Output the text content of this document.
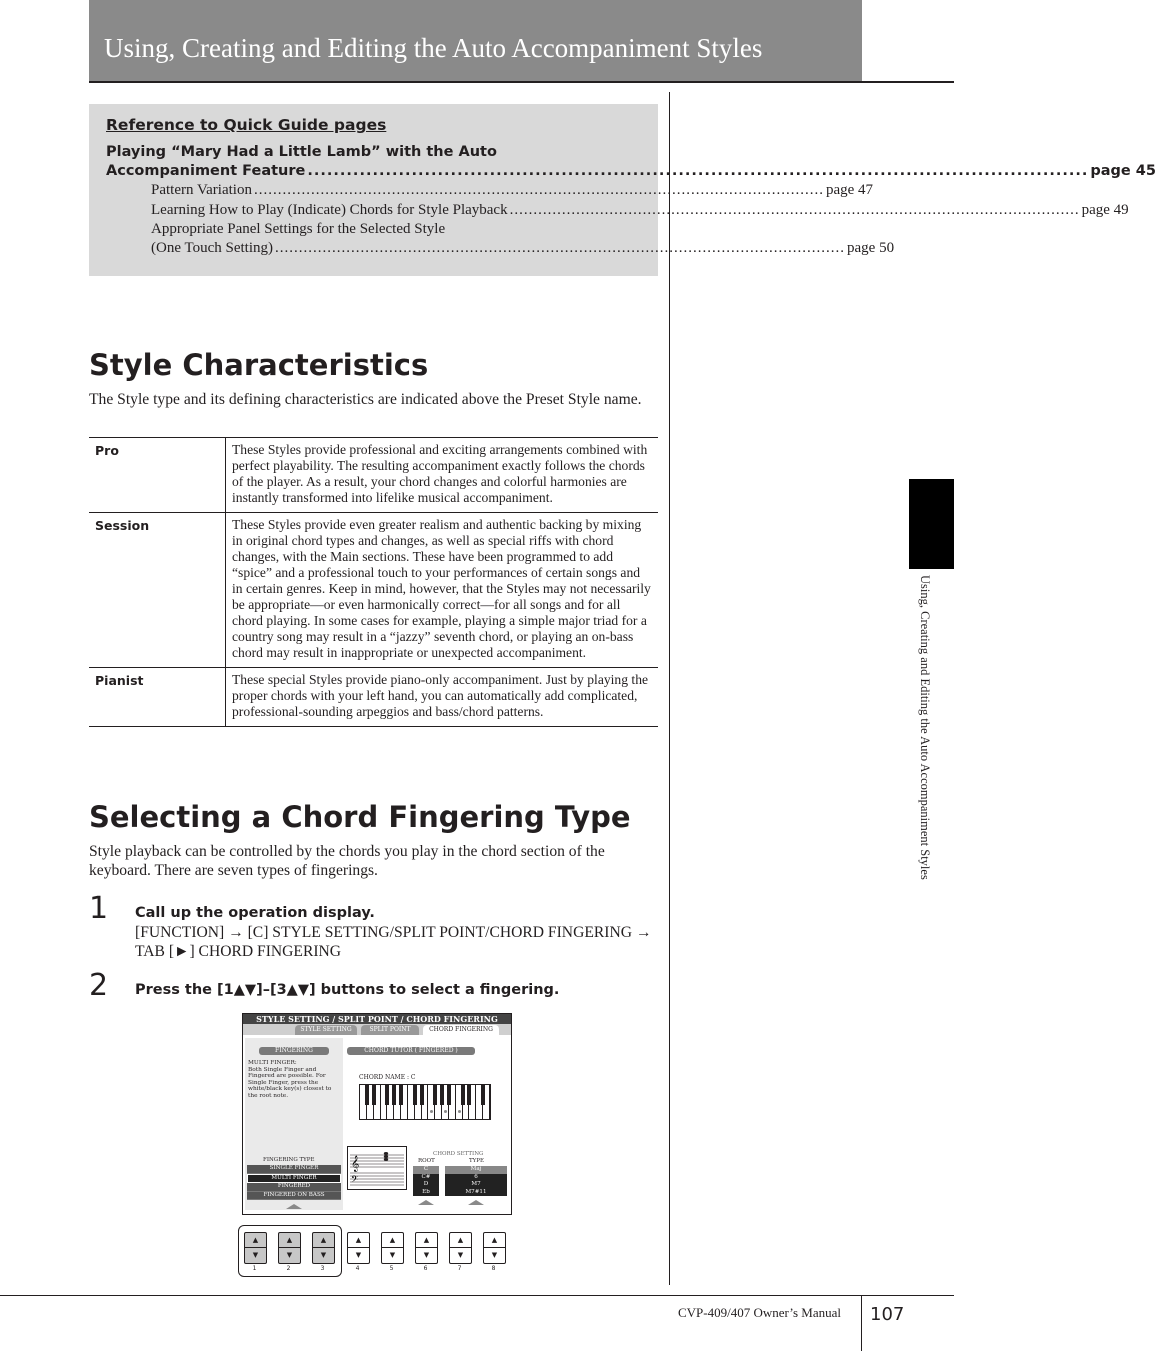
Using, Creating and Editing the Auto Accompaniment Styles
Using, Creating and Editing the Auto Accompaniment Styles
Reference to Quick Guide pages
Playing “Mary Had a Little Lamb” with the Auto
Accompaniment Feature ........................................................................................................................ page 45
Pattern Variation ........................................................................................................................ page 47
Learning How to Play (Indicate) Chords for Style Playback ........................................................................................................................ page 49
Appropriate Panel Settings for the Selected Style
(One Touch Setting) ........................................................................................................................ page 50
Style Characteristics
The Style type and its defining characteristics are indicated above the Preset Style name.
Pro	These Styles provide professional and exciting arrangements combined with perfect playability. The resulting accompaniment exactly follows the chords of the player. As a result, your chord changes and colorful harmonies are instantly transformed into lifelike musical accompaniment.
Session	These Styles provide even greater realism and authentic backing by mixing in original chord types and changes, as well as special riffs with chord changes, with the Main sections. These have been programmed to add “spice” and a professional touch to your performances of certain songs and in certain genres. Keep in mind, however, that the Styles may not necessarily be appropriate—or even harmonically correct—for all songs and for all chord playing. In some cases for example, playing a simple major triad for a country song may result in a “jazzy” seventh chord, or playing an on-bass chord may result in inappropriate or unexpected accompaniment.
Pianist	These special Styles provide piano-only accompaniment. Just by playing the proper chords with your left hand, you can automatically add complicated, professional-sounding arpeggios and bass/chord patterns.
Selecting a Chord Fingering Type
Style playback can be controlled by the chords you play in the chord section of the
keyboard. There are seven types of fingerings.
1 Call up the operation display.
[FUNCTION] → [C] STYLE SETTING/SPLIT POINT/CHORD FINGERING →
TAB [►] CHORD FINGERING
2 Press the [1▲▼]–[3▲▼] buttons to select a fingering.
STYLE SETTING / SPLIT POINT / CHORD FINGERING
STYLE SETTING	SPLIT POINT	CHORD FINGERING
FINGERING
MULTI FINGER:
Both Single Finger and Fingered are possible. For Single Finger, press the white/black key(s) closest to the root note.
FINGERING TYPE
SINGLE FINGER
MULTI FINGER
FINGERED
FINGERED ON BASS
CHORD TUTOR ( FINGERED )
CHORD NAME : C
𝄞
𝄢
CHORD SETTING
ROOT	TYPE
C
C#
D
Eb
Maj
6
M7
M7#11
▲
▼
1
▲
▼
2
▲
▼
3
▲
▼
4
▲
▼
5
▲
▼
6
▲
▼
7
▲
▼
8
CVP-409/407 Owner’s Manual 107
